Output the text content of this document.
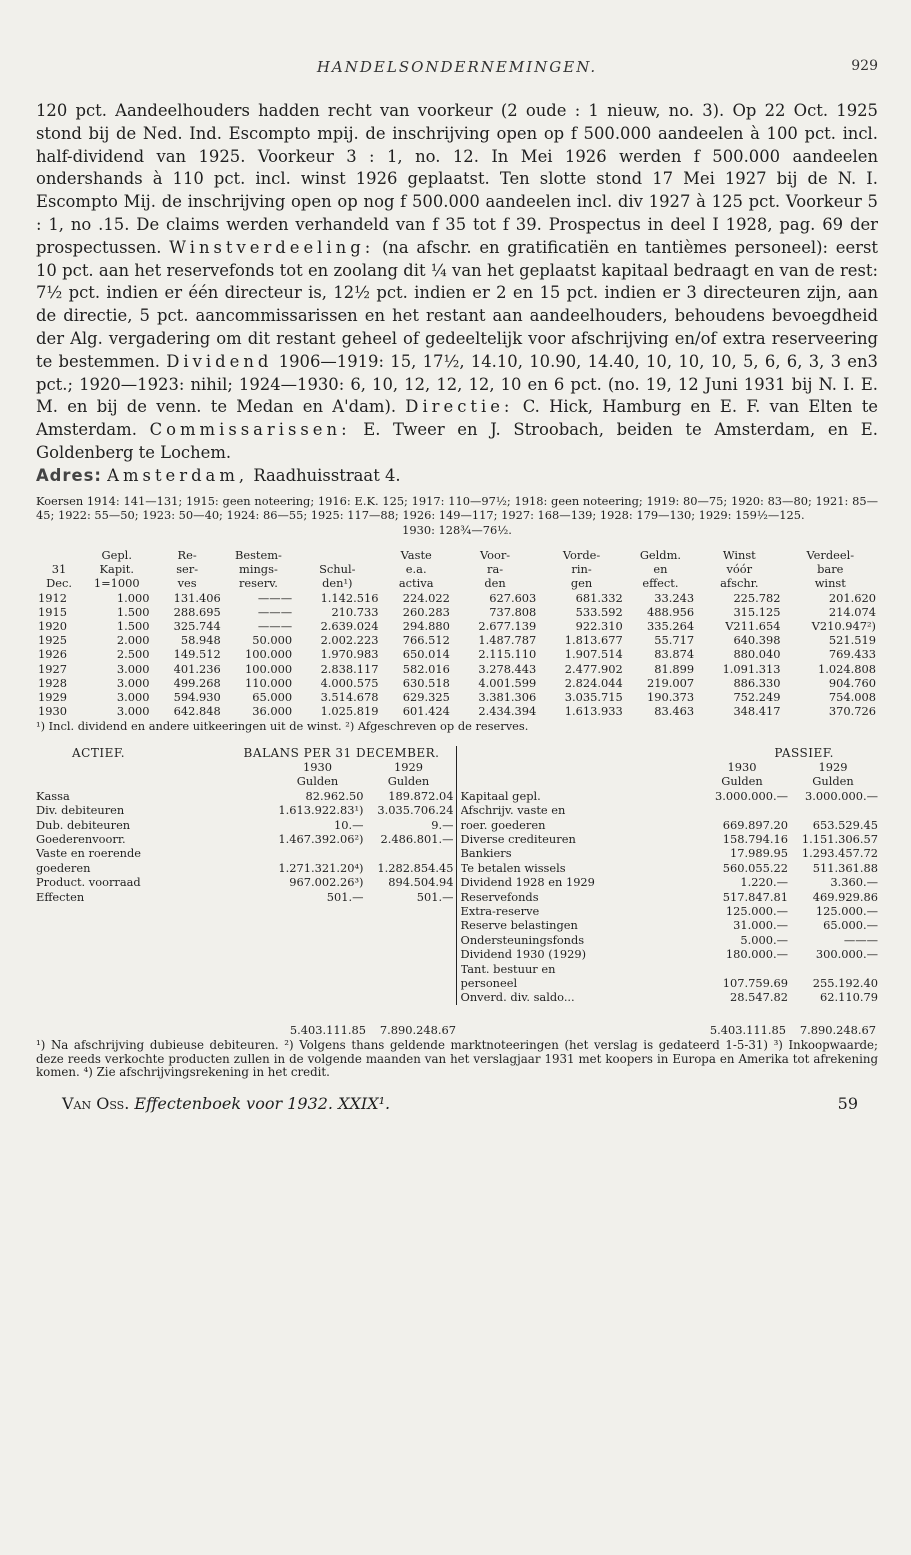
HANDELSONDERNEMINGEN.	929

120 pct. Aandeelhouders hadden recht van voorkeur (2 oude : 1 nieuw, no. 3). Op 22 Oct. 1925 stond bij de Ned. Ind. Escompto mpij. de inschrijving open op f 500.000 aandeelen à 100 pct. incl. half-dividend van 1925. Voorkeur 3 : 1, no. 12. In Mei 1926 werden f 500.000 aandeelen ondershands à 110 pct. incl. winst 1926 geplaatst. Ten slotte stond 17 Mei 1927 bij de N. I. Escompto Mij. de inschrijving open op nog f 500.000 aandeelen incl. div 1927 à 125 pct. Voorkeur 5 : 1, no .15. De claims werden verhandeld van f 35 tot f 39. Prospectus in deel I 1928, pag. 69 der prospectussen. Winstverdeeling: (na afschr. en gratificatiën en tantièmes personeel): eerst 10 pct. aan het reservefonds tot en zoolang dit ¼ van het geplaatst kapitaal bedraagt en van de rest: 7½ pct. indien er één directeur is, 12½ pct. indien er 2 en 15 pct. indien er 3 directeuren zijn, aan de directie, 5 pct. aancommissarissen en het restant aan aandeelhouders, behoudens bevoegdheid der Alg. vergadering om dit restant geheel of gedeeltelijk voor afschrijving en/of extra reserveering te bestemmen. Dividend 1906—1919: 15, 17½, 14.10, 10.90, 14.40, 10, 10, 10, 5, 6, 6, 3, 3 en3 pct.; 1920—1923: nihil; 1924—1930: 6, 10, 12, 12, 12, 10 en 6 pct. (no. 19, 12 Juni 1931 bij N. I. E. M. en bij de venn. te Medan en A'dam). Directie: C. Hick, Hamburg en E. F. van Elten te Amsterdam. Commissarissen: E. Tweer en J. Stroobach, beiden te Amsterdam, en E. Goldenberg te Lochem.

Adres: Amsterdam, Raadhuisstraat 4.

Koersen 1914: 141—131; 1915: geen noteering; 1916: E.K. 125; 1917: 110—97½; 1918: geen noteering; 1919: 80—75; 1920: 83—80; 1921: 85—45; 1922: 55—50; 1923: 50—40; 1924: 86—55; 1925: 117—88; 1926: 149—117; 1927: 168—139; 1928: 179—130; 1929: 159½—125.
1930: 128¾—76½.
	Gepl.	Re-	Bestem-		Vaste	Voor-	Vorde-	Geldm.	Winst	Verdeel-
31	Kapit.	ser-	mings-	Schul-	e.a.	ra-	rin-	en	vóór	bare
Dec.	1=1000	ves	reserv.	den¹)	activa	den	gen	effect.	afschr.	winst
1912	1.000	131.406	———	1.142.516	224.022	627.603	681.332	33.243	225.782	201.620
1915	1.500	288.695	———	210.733	260.283	737.808	533.592	488.956	315.125	214.074
1920	1.500	325.744	———	2.639.024	294.880	2.677.139	922.310	335.264	V211.654	V210.947²)
1925	2.000	58.948	50.000	2.002.223	766.512	1.487.787	1.813.677	55.717	640.398	521.519
1926	2.500	149.512	100.000	1.970.983	650.014	2.115.110	1.907.514	83.874	880.040	769.433
1927	3.000	401.236	100.000	2.838.117	582.016	3.278.443	2.477.902	81.899	1.091.313	1.024.808
1928	3.000	499.268	110.000	4.000.575	630.518	4.001.599	2.824.044	219.007	886.330	904.760
1929	3.000	594.930	65.000	3.514.678	629.325	3.381.306	3.035.715	190.373	752.249	754.008
1930	3.000	642.848	36.000	1.025.819	601.424	2.434.394	1.613.933	83.463	348.417	370.726
¹) Incl. dividend en andere uitkeeringen uit de winst. ²) Afgeschreven op de reserves.
ACTIEF.	BALANS PER 31 DECEMBER.
1930	1929
Gulden	Gulden
Kassa	82.962.50	189.872.04
Div. debiteuren	1.613.922.83¹)	3.035.706.24
Dub. debiteuren	10.—	9.—
Goederenvoorr.	1.467.392.06²)	2.486.801.—
Vaste en roerende
goederen	1.271.321.20⁴)	1.282.854.45
Product. voorraad	967.002.26³)	894.504.94
Effecten	501.—	501.—
PASSIEF.
1930	1929
Gulden	Gulden
Kapitaal gepl.	3.000.000.—	3.000.000.—
Afschrijv. vaste en
roer. goederen	669.897.20	653.529.45
Diverse crediteuren	158.794.16	1.151.306.57
Bankiers	17.989.95	1.293.457.72
Te betalen wissels	560.055.22	511.361.88
Dividend 1928 en 1929	1.220.—	3.360.—
Reservefonds	517.847.81	469.929.86
Extra-reserve	125.000.—	125.000.—
Reserve belastingen	31.000.—	65.000.—
Ondersteuningsfonds	5.000.—	———
Dividend 1930 (1929)	180.000.—	300.000.—
Tant. bestuur en
personeel	107.759.69	255.192.40
Onverd. div. saldo...	28.547.82	62.110.79
5.403.111.85	7.890.248.67	5.403.111.85	7.890.248.67
¹) Na afschrijving dubieuse debiteuren. ²) Volgens thans geldende marktnoteeringen (het verslag is gedateerd 1-5-31) ³) Inkoopwaarde; deze reeds verkochte producten zullen in de volgende maanden van het verslagjaar 1931 met koopers in Europa en Amerika tot afrekening komen. ⁴) Zie afschrijvingsrekening in het credit.
Van Oss. Effectenboek voor 1932. XXIX¹.	59
